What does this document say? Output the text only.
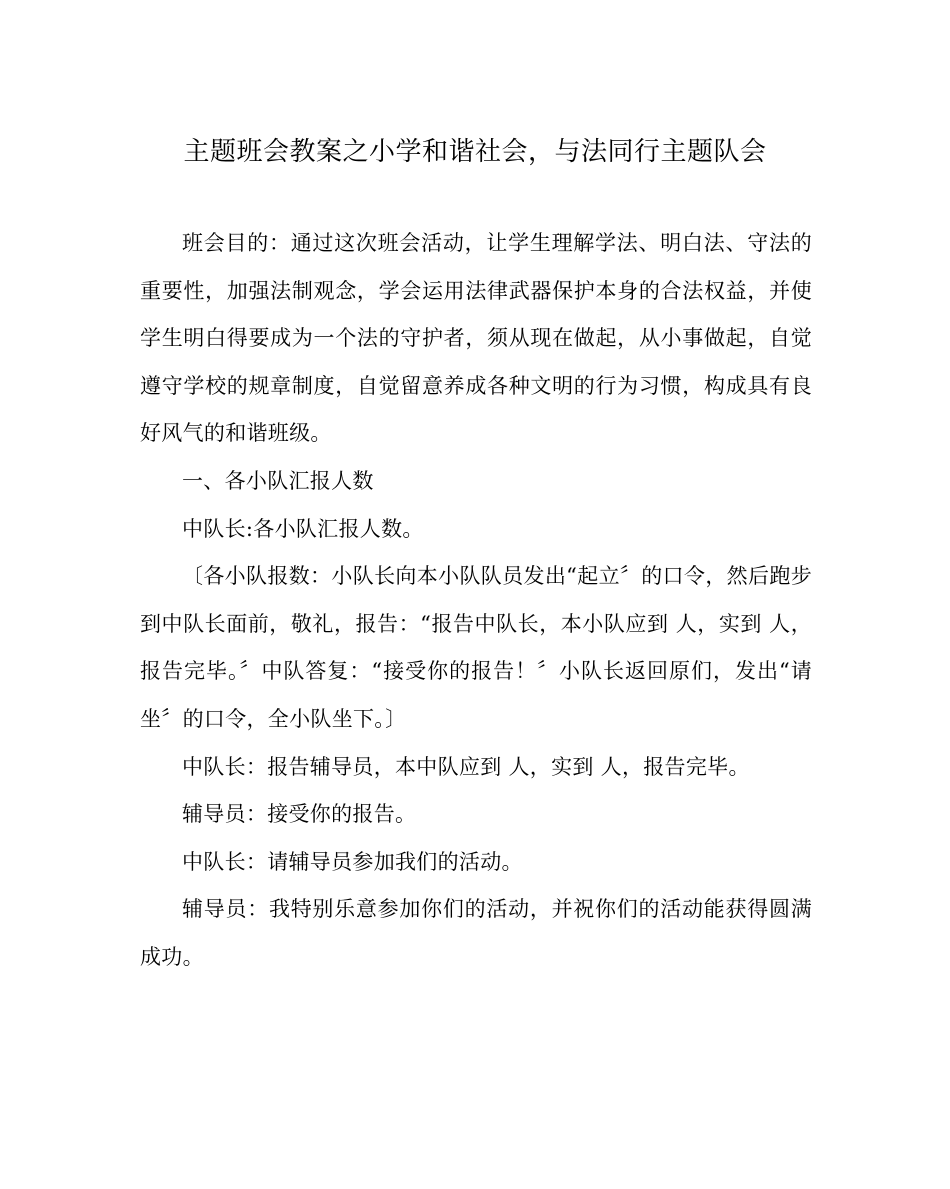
主题班会教案之小学和谐社会，与法同行主题队会

班会目的：通过这次班会活动，让学生理解学法、明白法、守法的重要性，加强法制观念，学会运用法律武器保护本身的合法权益，并使学生明白得要成为一个法的守护者，须从现在做起，从小事做起，自觉遵守学校的规章制度，自觉留意养成各种文明的行为习惯，构成具有良好风气的和谐班级。

一、各小队汇报人数

中队长:各小队汇报人数。

〔各小队报数：小队长向本小队队员发出“起立〞的口令，然后跑步到中队长面前，敬礼，报告：“报告中队长，本小队应到 人，实到 人，报告完毕。〞中队答复：“接受你的报告！〞小队长返回原们，发出“请坐〞的口令，全小队坐下。〕

中队长：报告辅导员，本中队应到 人，实到 人，报告完毕。

辅导员：接受你的报告。

中队长：请辅导员参加我们的活动。

辅导员：我特别乐意参加你们的活动，并祝你们的活动能获得圆满成功。
